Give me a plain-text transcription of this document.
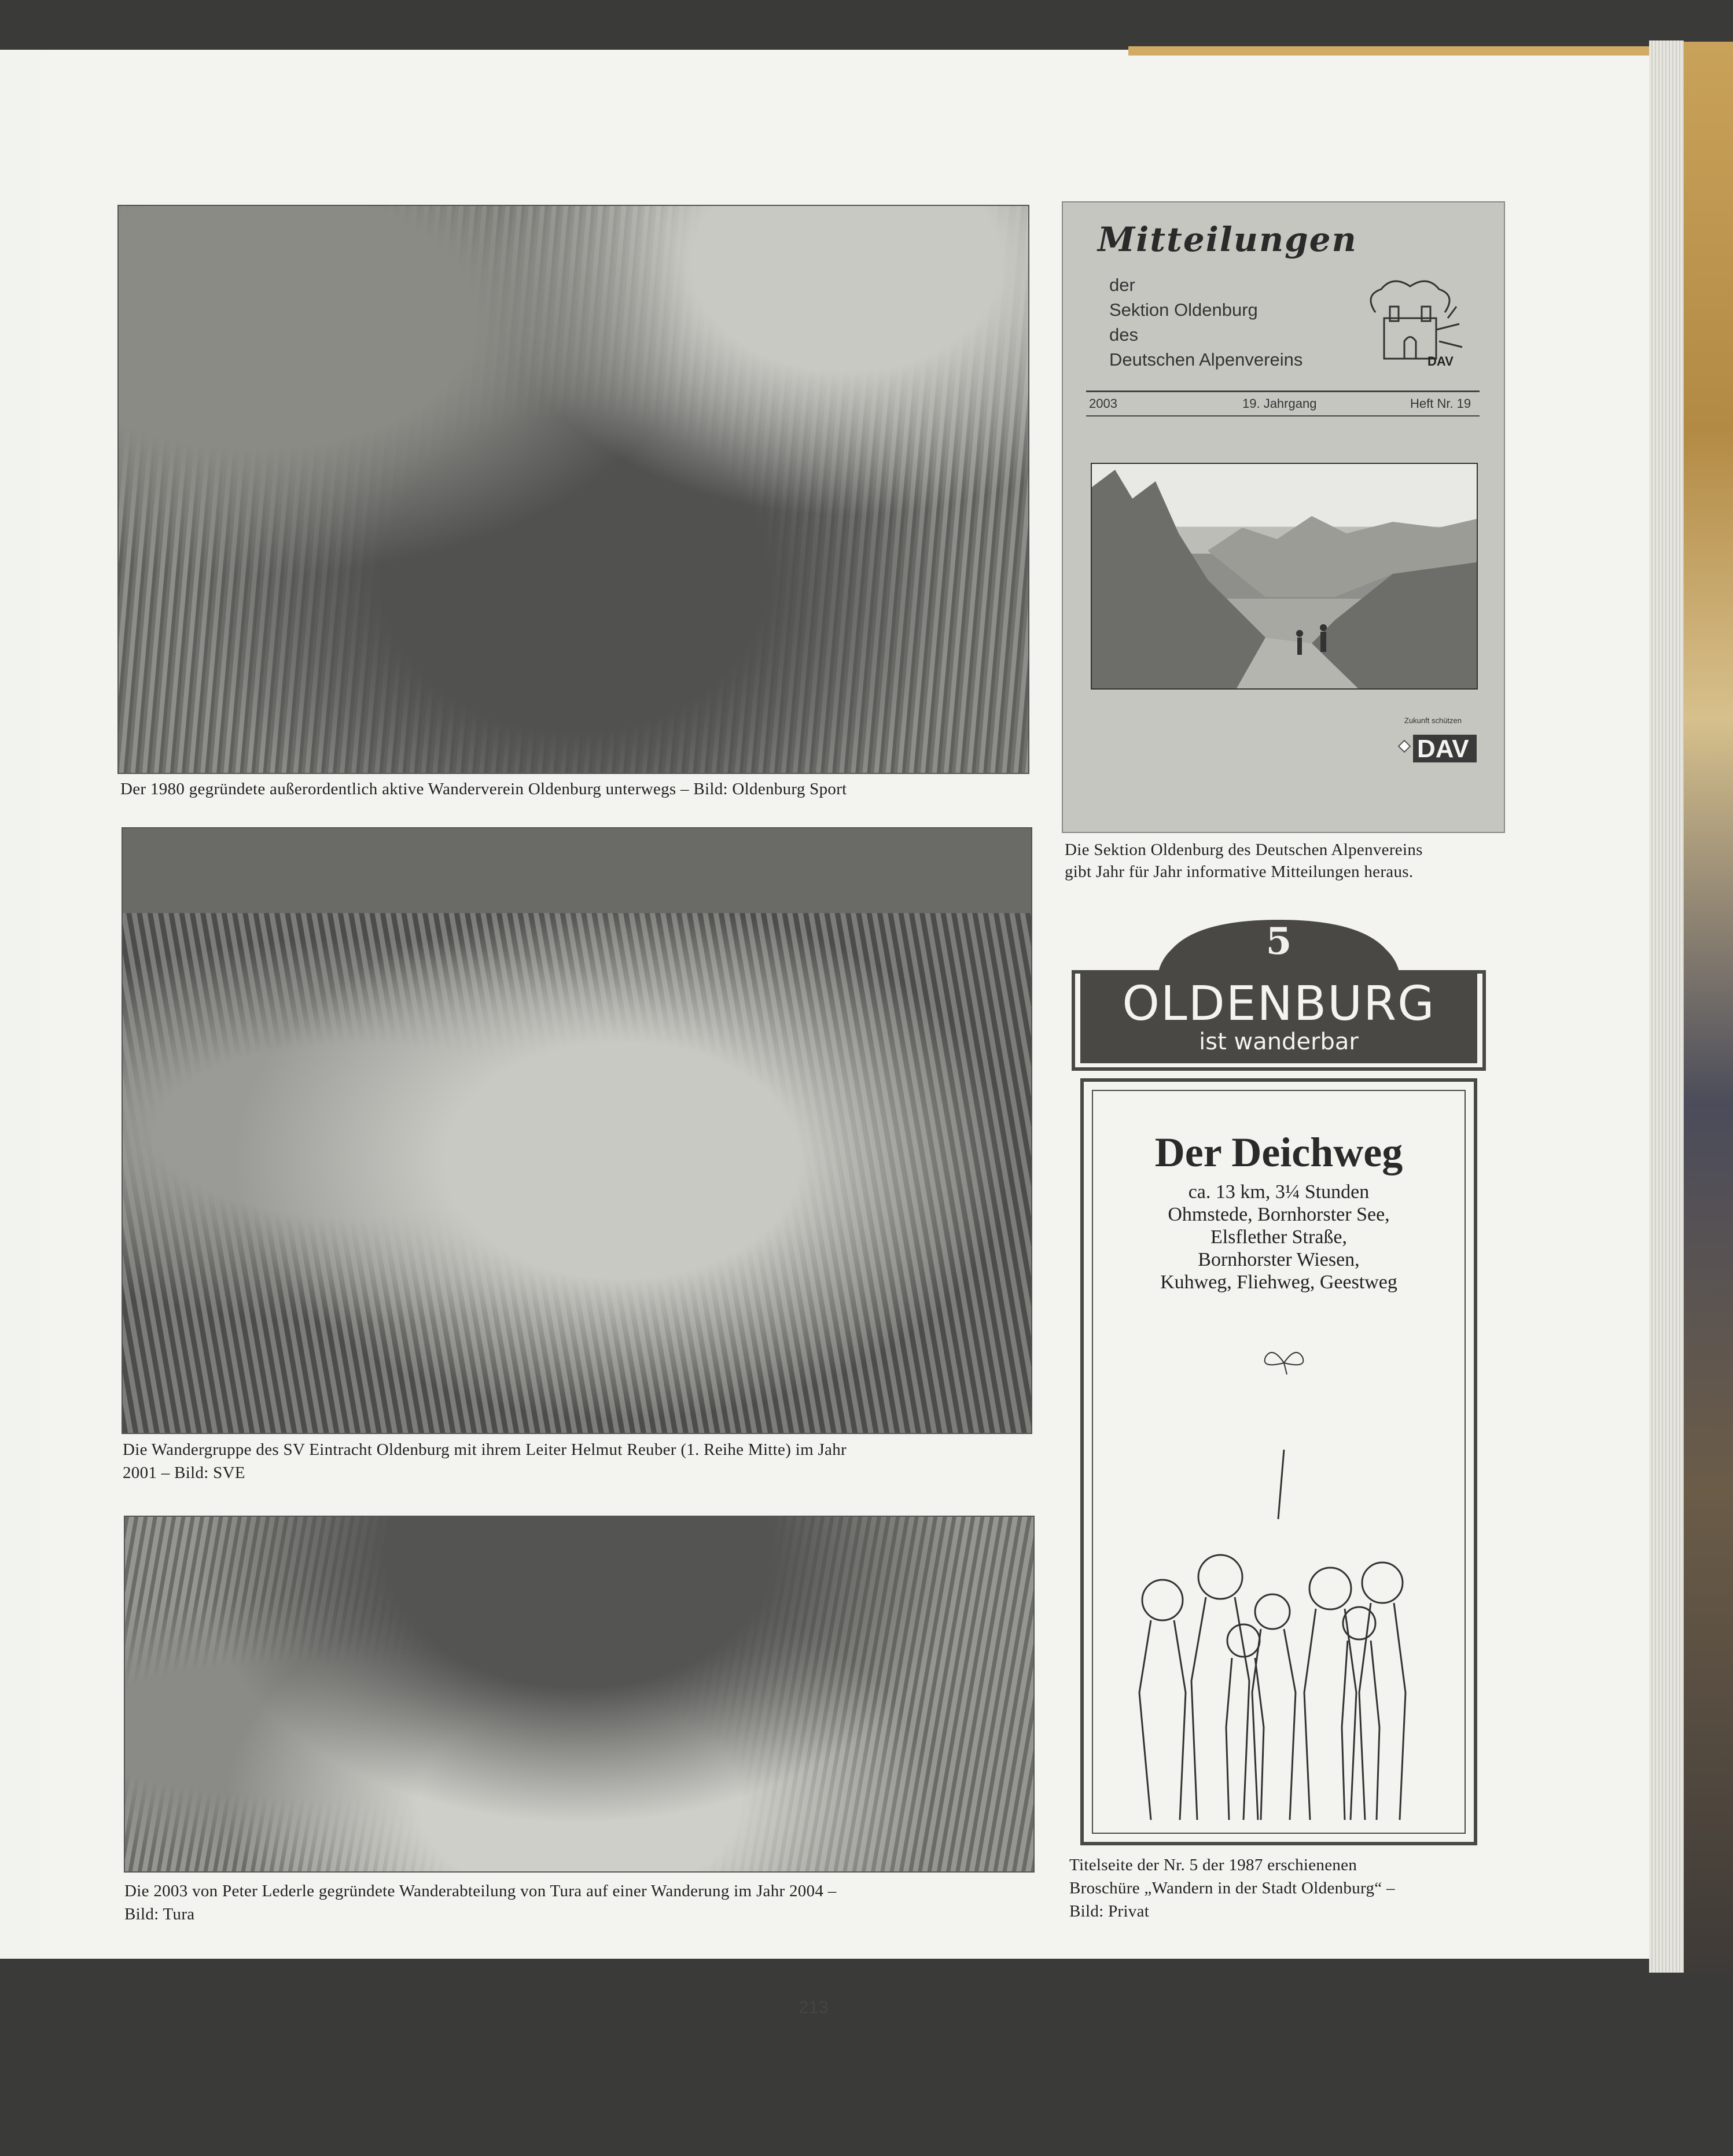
Der 1980 gegründete außerordentlich aktive Wanderverein Oldenburg unterwegs – Bild: Oldenburg Sport
Die Wandergruppe des SV Eintracht Oldenburg mit ihrem Leiter Helmut Reuber (1. Reihe Mitte) im Jahr
2001 – Bild: SVE
Die 2003 von Peter Lederle gegründete Wanderabteilung von Tura auf einer Wanderung im Jahr 2004 –
Bild: Tura
Mitteilungen
der
Sektion Oldenburg
des
Deutschen Alpenvereins	DAV
2003	19. Jahrgang	Heft Nr. 19
Zukunft schützen
DAV
Die Sektion Oldenburg des Deutschen Alpenvereins
gibt Jahr für Jahr informative Mitteilungen heraus.
5
OLDENBURG
ist wanderbar
Der Deichweg
ca. 13 km, 3¼ Stunden
Ohmstede, Bornhorster See,
Elsflether Straße,
Bornhorster Wiesen,
Kuhweg, Fliehweg, Geestweg
Titelseite der Nr. 5 der 1987 erschienenen
Broschüre „Wandern in der Stadt Oldenburg“ –
Bild: Privat
213
